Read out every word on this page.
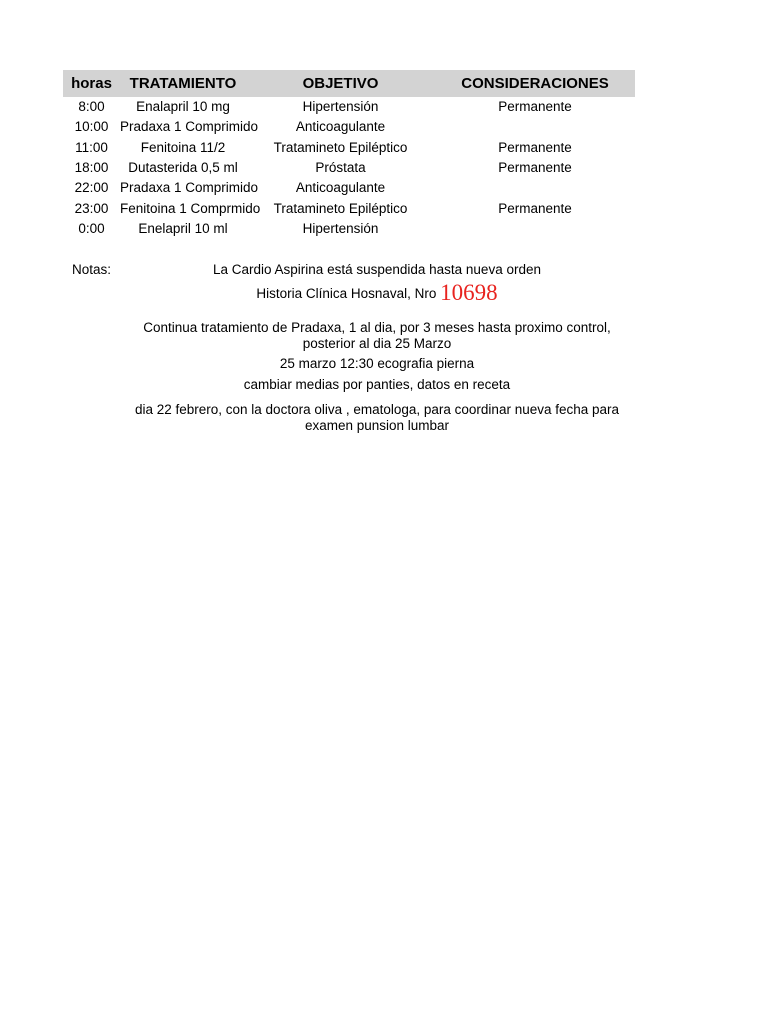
horas	TRATAMIENTO	OBJETIVO	CONSIDERACIONES
8:00	Enalapril 10 mg	Hipertensión	Permanente
10:00	Pradaxa 1 Comprimido	Anticoagulante	
11:00	Fenitoina 11/2	Tratamineto Epiléptico	Permanente
18:00	Dutasterida 0,5 ml	Próstata	Permanente
22:00	Pradaxa 1 Comprimido	Anticoagulante	
23:00	Fenitoina 1 Comprmido	Tratamineto Epiléptico	Permanente
0:00	Enelapril 10 ml	Hipertensión	
Notas:	La Cardio Aspirina está suspendida hasta nueva orden
Historia Clínica Hosnaval, Nro 10698
Continua tratamiento de Pradaxa, 1 al dia, por 3 meses hasta proximo control, posterior al dia 25 Marzo
25 marzo 12:30 ecografia pierna
cambiar medias por panties, datos en receta
dia 22 febrero, con la doctora oliva , ematologa, para coordinar nueva fecha para examen punsion lumbar
